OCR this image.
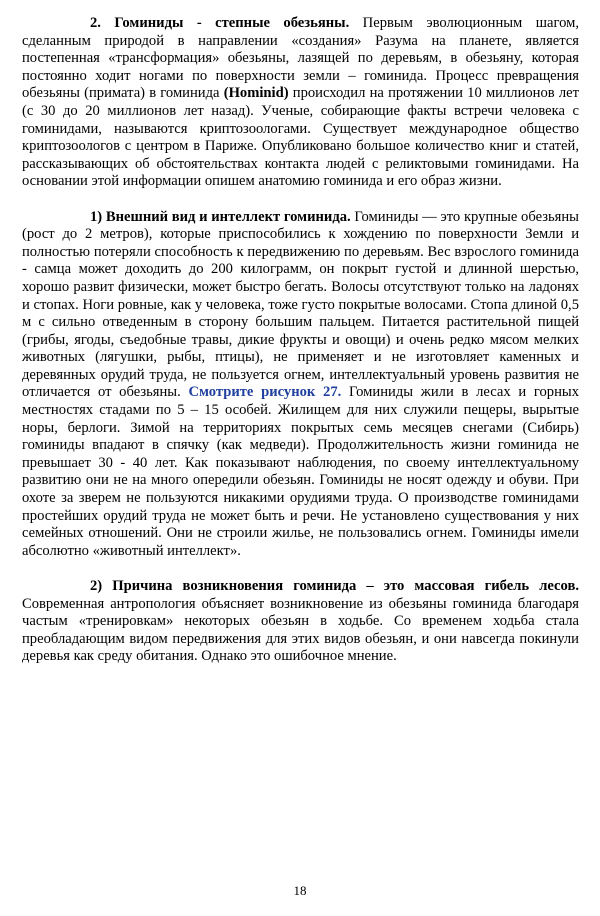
2. Гоминиды - степные обезьяны. Первым эволюционным шагом, сделанным природой в направлении «создания» Разума на планете, является постепенная «трансформация» обезьяны, лазящей по деревьям, в обезьяну, которая постоянно ходит ногами по поверхности земли – гоминида. Процесс превращения обезьяны (примата) в гоминида (Hominid) происходил на протяжении 10 миллионов лет (с 30 до 20 миллионов лет назад). Ученые, собирающие факты встречи человека с гоминидами, называются криптозоологами. Существует международное общество криптозоологов с центром в Париже. Опубликовано большое количество книг и статей, рассказывающих об обстоятельствах контакта людей с реликтовыми гоминидами. На основании этой информации опишем анатомию гоминида и его образ жизни.

1) Внешний вид и интеллект гоминида. Гоминиды — это крупные обезьяны (рост до 2 метров), которые приспособились к хождению по поверхности Земли и полностью потеряли способность к передвижению по деревьям. Вес взрослого гоминида - самца может доходить до 200 килограмм, он покрыт густой и длинной шерстью, хорошо развит физически, может быстро бегать. Волосы отсутствуют только на ладонях и стопах. Ноги ровные, как у человека, тоже густо покрытые волосами. Стопа длиной 0,5 м с сильно отведенным в сторону большим пальцем. Питается растительной пищей (грибы, ягоды, съедобные травы, дикие фрукты и овощи) и очень редко мясом мелких животных (лягушки, рыбы, птицы), не применяет и не изготовляет каменных и деревянных орудий труда, не пользуется огнем, интеллектуальный уровень развития не отличается от обезьяны. Смотрите рисунок 27. Гоминиды жили в лесах и горных местностях стадами по 5 – 15 особей. Жилищем для них служили пещеры, вырытые норы, берлоги. Зимой на территориях покрытых семь месяцев снегами (Сибирь) гоминиды впадают в спячку (как медведи). Продолжительность жизни гоминида не превышает 30 - 40 лет. Как показывают наблюдения, по своему интеллектуальному развитию они не на много опередили обезьян. Гоминиды не носят одежду и обуви. При охоте за зверем не пользуются никакими орудиями труда. О производстве гоминидами простейших орудий труда не может быть и речи. Не установлено существования у них семейных отношений. Они не строили жилье, не пользовались огнем. Гоминиды имели абсолютно «животный интеллект».

2) Причина возникновения гоминида – это массовая гибель лесов. Современная антропология объясняет возникновение из обезьяны гоминида благодаря частым «тренировкам» некоторых обезьян в ходьбе. Со временем ходьба стала преобладающим видом передвижения для этих видов обезьян, и они навсегда покинули деревья как среду обитания. Однако это ошибочное мнение.

18
